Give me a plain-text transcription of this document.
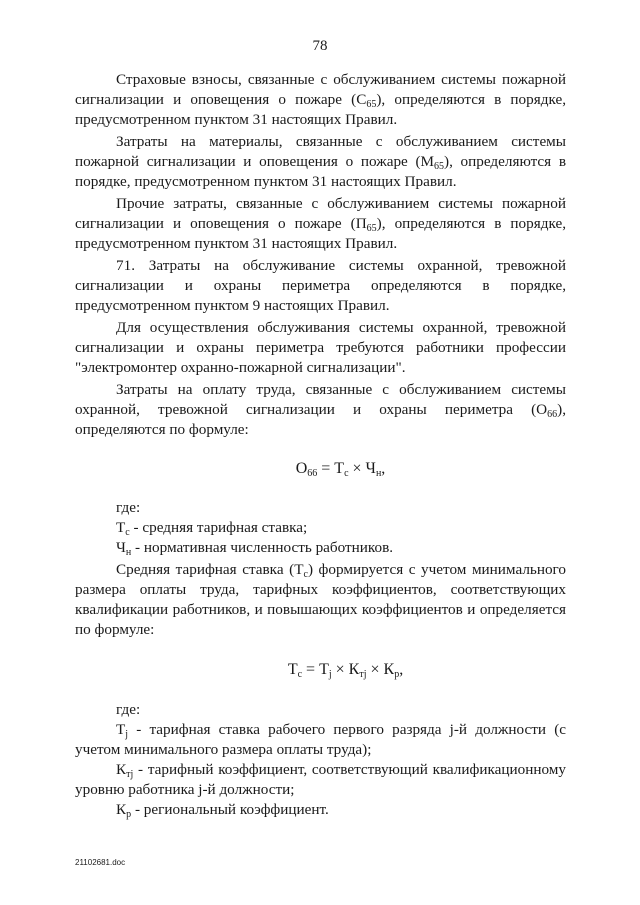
78

Страховые взносы, связанные с обслуживанием системы пожарной сигнализации и оповещения о пожаре $(С_{65})$, определяются в порядке, предусмотренном пунктом 31 настоящих Правил.

Затраты на материалы, связанные с обслуживанием системы пожарной сигнализации и оповещения о пожаре $(М_{65})$, определяются в порядке, предусмотренном пунктом 31 настоящих Правил.

Прочие затраты, связанные с обслуживанием системы пожарной сигнализации и оповещения о пожаре $(П_{65})$, определяются в порядке, предусмотренном пунктом 31 настоящих Правил.

71. Затраты на обслуживание системы охранной, тревожной сигнализации и охраны периметра определяются в порядке, предусмотренном пунктом 9 настоящих Правил.

Для осуществления обслуживания системы охранной, тревожной сигнализации и охраны периметра требуются работники профессии "электромонтер охранно-пожарной сигнализации".

Затраты на оплату труда, связанные с обслуживанием системы охранной, тревожной сигнализации и охраны периметра $(О_{66})$, определяются по формуле:

$О_{66} = Т_с \times Ч_н$,

где:

$Т_с$ - средняя тарифная ставка;

$Ч_н$ - нормативная численность работников.

Средняя тарифная ставка $(Т_с)$ формируется с учетом минимального размера оплаты труда, тарифных коэффициентов, соответствующих квалификации работников, и повышающих коэффициентов и определяется по формуле:

$Т_с = Т_j \times К_{тj} \times К_р$,

где:

$Т_j$ - тарифная ставка рабочего первого разряда j-й должности (с учетом минимального размера оплаты труда);

$К_{тj}$ - тарифный коэффициент, соответствующий квалификационному уровню работника j-й должности;

$К_р$ - региональный коэффициент.

21102681.doc
